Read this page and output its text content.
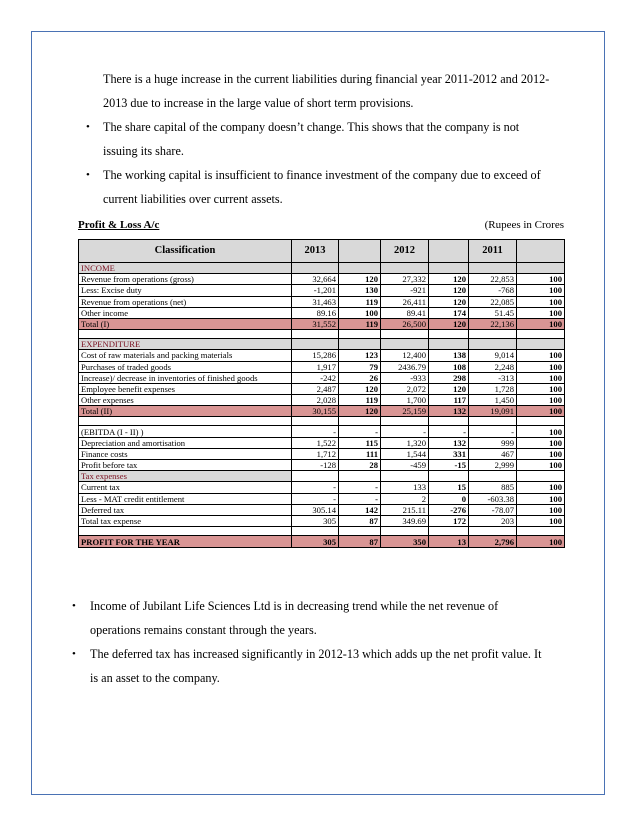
There is a huge increase in the current liabilities during financial year 2011-2012 and 2012-
2013 due to increase in the large value of short term provisions.
• The share capital of the company doesn’t change. This shows that the company is not
issuing its share.
• The working capital is insufficient to finance investment of the company due to exceed of
current liabilities over current assets.
Profit & Loss A/c	(Rupees in Crores
Classification	2013		2012		2011	
INCOME						
Revenue from operations (gross)	32,664	120	27,332	120	22,853	100
Less: Excise duty	-1,201	130	-921	120	-768	100
Revenue from operations (net)	31,463	119	26,411	120	22,085	100
Other income	89.16	100	89.41	174	51.45	100
Total (I)	31,552	119	26,500	120	22,136	100

EXPENDITURE						
Cost of raw materials and packing materials	15,286	123	12,400	138	9,014	100
Purchases of traded goods	1,917	79	2436.79	108	2,248	100
Increase)/ decrease in inventories of finished goods	-242	26	-933	298	-313	100
Employee benefit expenses	2,487	120	2,072	120	1,728	100
Other expenses	2,028	119	1,700	117	1,450	100
Total (II)	30,155	120	25,159	132	19,091	100

(EBITDA (I - II) )	-	-	-	-	-	100
Depreciation and amortisation	1,522	115	1,320	132	999	100
Finance costs	1,712	111	1,544	331	467	100
Profit before tax	-128	28	-459	-15	2,999	100
Tax expenses						
Current tax	-	-	133	15	885	100
Less - MAT credit entitlement	-	-	2	0	-603.38	100
Deferred tax	305.14	142	215.11	-276	-78.07	100
Total tax expense	305	87	349.69	172	203	100

PROFIT FOR THE YEAR	305	87	350	13	2,796	100
• Income of Jubilant Life Sciences Ltd is in decreasing trend while the net revenue of
operations remains constant through the years.
• The deferred tax has increased significantly in 2012-13 which adds up the net profit value. It
is an asset to the company.
